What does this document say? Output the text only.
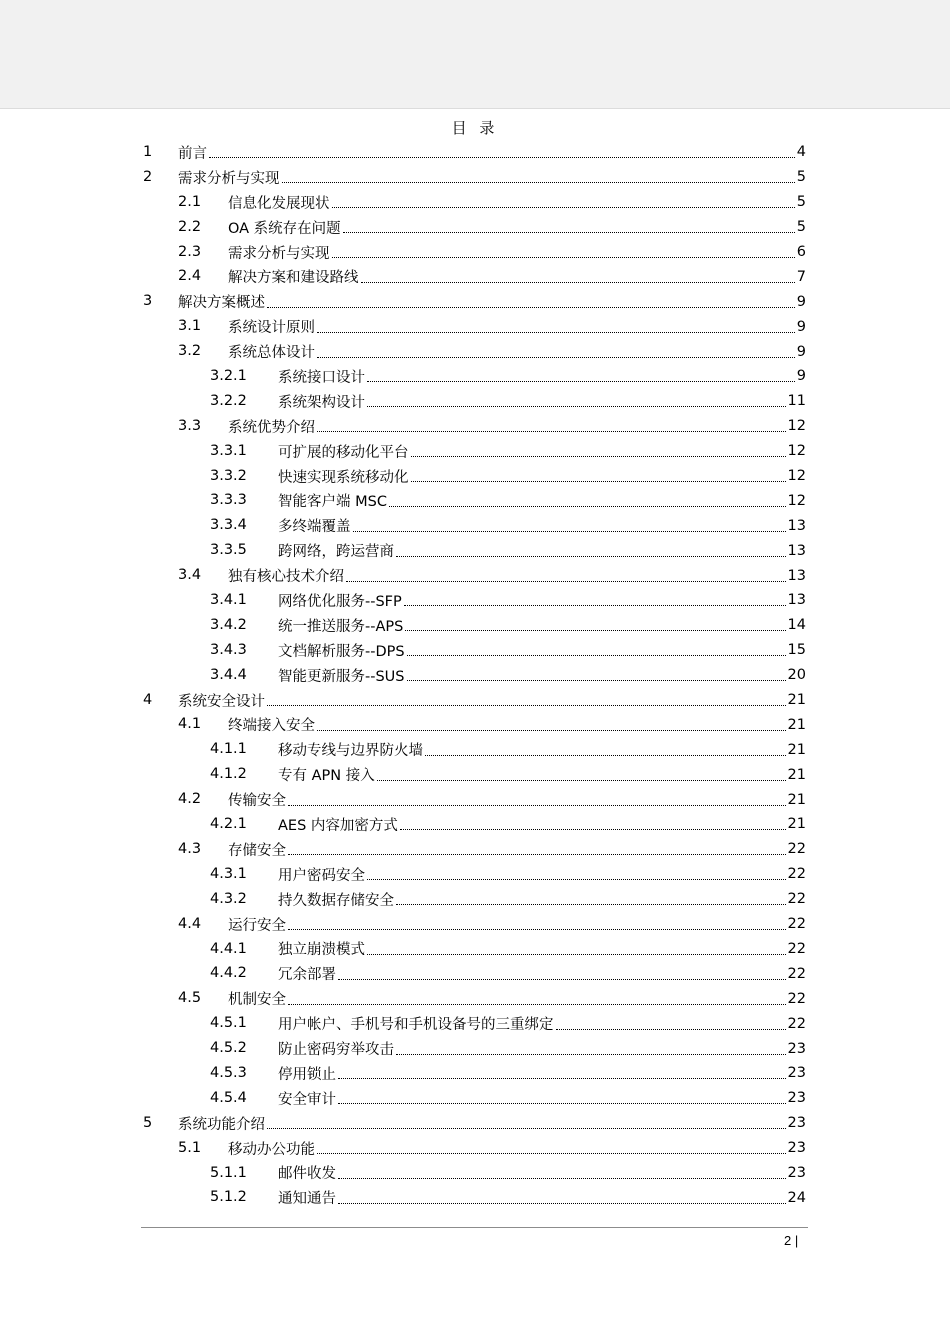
目 录
1 前言	4
2 需求分析与实现	5
2.1 信息化发展现状	5
2.2 OA 系统存在问题	5
2.3 需求分析与实现	6
2.4 解决方案和建设路线	7
3 解决方案概述	9
3.1 系统设计原则	9
3.2 系统总体设计	9
3.2.1 系统接口设计	9
3.2.2 系统架构设计	11
3.3 系统优势介绍	12
3.3.1 可扩展的移动化平台	12
3.3.2 快速实现系统移动化	12
3.3.3 智能客户端 MSC	12
3.3.4 多终端覆盖	13
3.3.5 跨网络，跨运营商	13
3.4 独有核心技术介绍	13
3.4.1 网络优化服务--SFP	13
3.4.2 统一推送服务--APS	14
3.4.3 文档解析服务--DPS	15
3.4.4 智能更新服务--SUS	20
4 系统安全设计	21
4.1 终端接入安全	21
4.1.1 移动专线与边界防火墙	21
4.1.2 专有 APN 接入	21
4.2 传输安全	21
4.2.1 AES 内容加密方式	21
4.3 存储安全	22
4.3.1 用户密码安全	22
4.3.2 持久数据存储安全	22
4.4 运行安全	22
4.4.1 独立崩溃模式	22
4.4.2 冗余部署	22
4.5 机制安全	22
4.5.1 用户帐户、手机号和手机设备号的三重绑定	22
4.5.2 防止密码穷举攻击	23
4.5.3 停用锁止	23
4.5.4 安全审计	23
5 系统功能介绍	23
5.1 移动办公功能	23
5.1.1 邮件收发	23
5.1.2 通知通告	24
2 |
